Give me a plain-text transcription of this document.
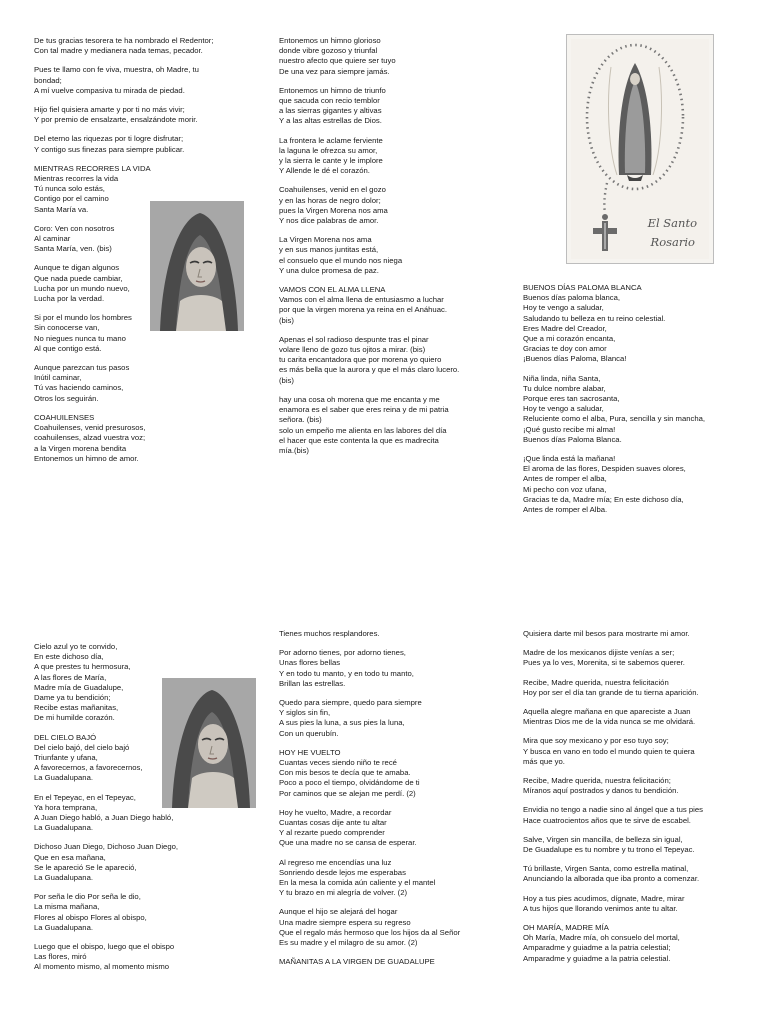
De tus gracias tesorera te ha nombrado el Redentor;
Con tal madre y medianera nada temas, pecador.

Pues te llamo con fe viva, muestra, oh Madre, tu
bondad;
A mí vuelve compasiva tu mirada de piedad.

Hijo fiel quisiera amarte y por ti no más vivir;
Y por premio de ensalzarte, ensalzándote morir.

Del eterno las riquezas por ti logre disfrutar;
Y contigo sus finezas para siempre publicar.

MIENTRAS RECORRES LA VIDA

Mientras recorres la vida
Tú nunca solo estás,
Contigo por el camino
Santa María va.

Coro: Ven con nosotros
Al caminar
Santa María, ven. (bis)

Aunque te digan algunos
Que nada puede cambiar,
Lucha por un mundo nuevo,
Lucha por la verdad.

Si por el mundo los hombres
Sin conocerse van,
No niegues nunca tu mano
Al que contigo está.

Aunque parezcan tus pasos
Inútil caminar,
Tú vas haciendo caminos,
Otros los seguirán.

COAHUILENSES

Coahuilenses, venid presurosos,
coahuilenses, alzad vuestra voz;
a la Virgen morena bendita
Entonemos un himno de amor.

Entonemos un himno glorioso
donde vibre gozoso y triunfal
nuestro afecto que quiere ser tuyo
De una vez para siempre jamás.

Entonemos un himno de triunfo
que sacuda con recio temblor
a las sierras gigantes y altivas
Y a las altas estrellas de Dios.

La frontera le aclame ferviente
la laguna le ofrezca su amor,
y la sierra le cante y le implore
Y Allende le dé el corazón.

Coahuilenses, venid en el gozo
y en las horas de negro dolor;
pues la Virgen Morena nos ama
Y nos dice palabras de amor.

La Virgen Morena nos ama
y en sus manos juntitas está,
el consuelo que el mundo nos niega
Y una dulce promesa de paz.

VAMOS CON EL ALMA LLENA

Vamos con el alma llena de entusiasmo a luchar
por que la virgen morena ya reina en el Anáhuac.
(bis)

Apenas el sol radioso despunte tras el pinar
volare lleno de gozo tus ojitos a mirar. (bis)
tu carita encantadora que por morena yo quiero
es más bella que la aurora y que el más claro lucero.
(bis)

hay una cosa oh morena que me encanta y me
enamora es el saber que eres reina y de mi patria
señora. (bis)
solo un empeño me alienta en las labores del día
el hacer que este contenta la que es madrecita
mía.(bis)

El Santo
Rosario
BUENOS DÍAS PALOMA BLANCA

Buenos días paloma blanca,
Hoy te vengo a saludar,
Saludando tu belleza en tu reino celestial.
Eres Madre del Creador,
Que a mi corazón encanta,
Gracias te doy con amor
¡Buenos días Paloma, Blanca!

Niña linda, niña Santa,
Tu dulce nombre alabar,
Porque eres tan sacrosanta,
Hoy te vengo a saludar,
Reluciente como el alba, Pura, sencilla y sin mancha,
¡Qué gusto recibe mi alma!
Buenos días Paloma Blanca.

¡Que linda está la mañana!
El aroma de las flores, Despiden suaves olores,
Antes de romper el alba,
Mi pecho con voz ufana,
Gracias te da, Madre mía; En este dichoso día,
Antes de romper el Alba.

Cielo azul yo te convido,
En este dichoso día,
A que prestes tu hermosura,
A las flores de María,
Madre mía de Guadalupe,
Dame ya tu bendición;
Recibe estas mañanitas,
De mi humilde corazón.

DEL CIELO BAJÓ

Del cielo bajó, del cielo bajó
Triunfante y ufana,
A favorecernos, a favorecernos,
La Guadalupana.

En el Tepeyac, en el Tepeyac,
Ya hora temprana,
A Juan Diego habló, a Juan Diego habló,
La Guadalupana.

Dichoso Juan Diego, Dichoso Juan Diego,
Que en esa mañana,
Se le apareció Se le apareció,
La Guadalupana.

Por seña le dio Por seña le dio,
La misma mañana,
Flores al obispo Flores al obispo,
La Guadalupana.

Luego que el obispo, luego que el obispo
Las flores, miró
Al momento mismo, al momento mismo

Tienes muchos resplandores.

Por adorno tienes, por adorno tienes,
Unas flores bellas
Y en todo tu manto, y en todo tu manto,
Brillan las estrellas.

Quedo para siempre, quedo para siempre
Y siglos sin fin,
A sus pies la luna, a sus pies la luna,
Con un querubín.

HOY HE VUELTO

Cuantas veces siendo niño te recé
Con mis besos te decía que te amaba.
Poco a poco el tiempo, olvidándome de ti
Por caminos que se alejan me perdí. (2)

Hoy he vuelto, Madre, a recordar
Cuantas cosas dije ante tu altar
Y al rezarte puedo comprender
Que una madre no se cansa de esperar.

Al regreso me encendías una luz
Sonriendo desde lejos me esperabas
En la mesa la comida aún caliente y el mantel
Y tu brazo en mi alegría de volver. (2)

Aunque el hijo se alejará del hogar
Una madre siempre espera su regreso
Que el regalo más hermoso que los hijos da al Señor
Es su madre y el milagro de su amor. (2)

MAÑANITAS A LA VIRGEN DE GUADALUPE

Quisiera darte mil besos para mostrarte mi amor.

Madre de los mexicanos dijiste venías a ser;
Pues ya lo ves, Morenita, si te sabemos querer.

Recibe, Madre querida, nuestra felicitación
Hoy por ser el día tan grande de tu tierna aparición.

Aquella alegre mañana en que apareciste a Juan
Mientras Dios me de la vida nunca se me olvidará.

Mira que soy mexicano y por eso tuyo soy;
Y busca en vano en todo el mundo quien te quiera
más que yo.

Recibe, Madre querida, nuestra felicitación;
Míranos aquí postrados y danos tu bendición.

Envidia no tengo a nadie sino al ángel que a tus pies
Hace cuatrocientos años que te sirve de escabel.

Salve, Virgen sin mancilla, de belleza sin igual,
De Guadalupe es tu nombre y tu trono el Tepeyac.

Tú brillaste, Virgen Santa, como estrella matinal,
Anunciando la alborada que iba pronto a comenzar.

Hoy a tus pies acudimos, dígnate, Madre, mirar
A tus hijos que llorando venimos ante tu altar.

OH MARÍA, MADRE MÍA

Oh María, Madre mía, oh consuelo del mortal,
Amparadme y guiadme a la patria celestial;
Amparadme y guiadme a la patria celestial.
